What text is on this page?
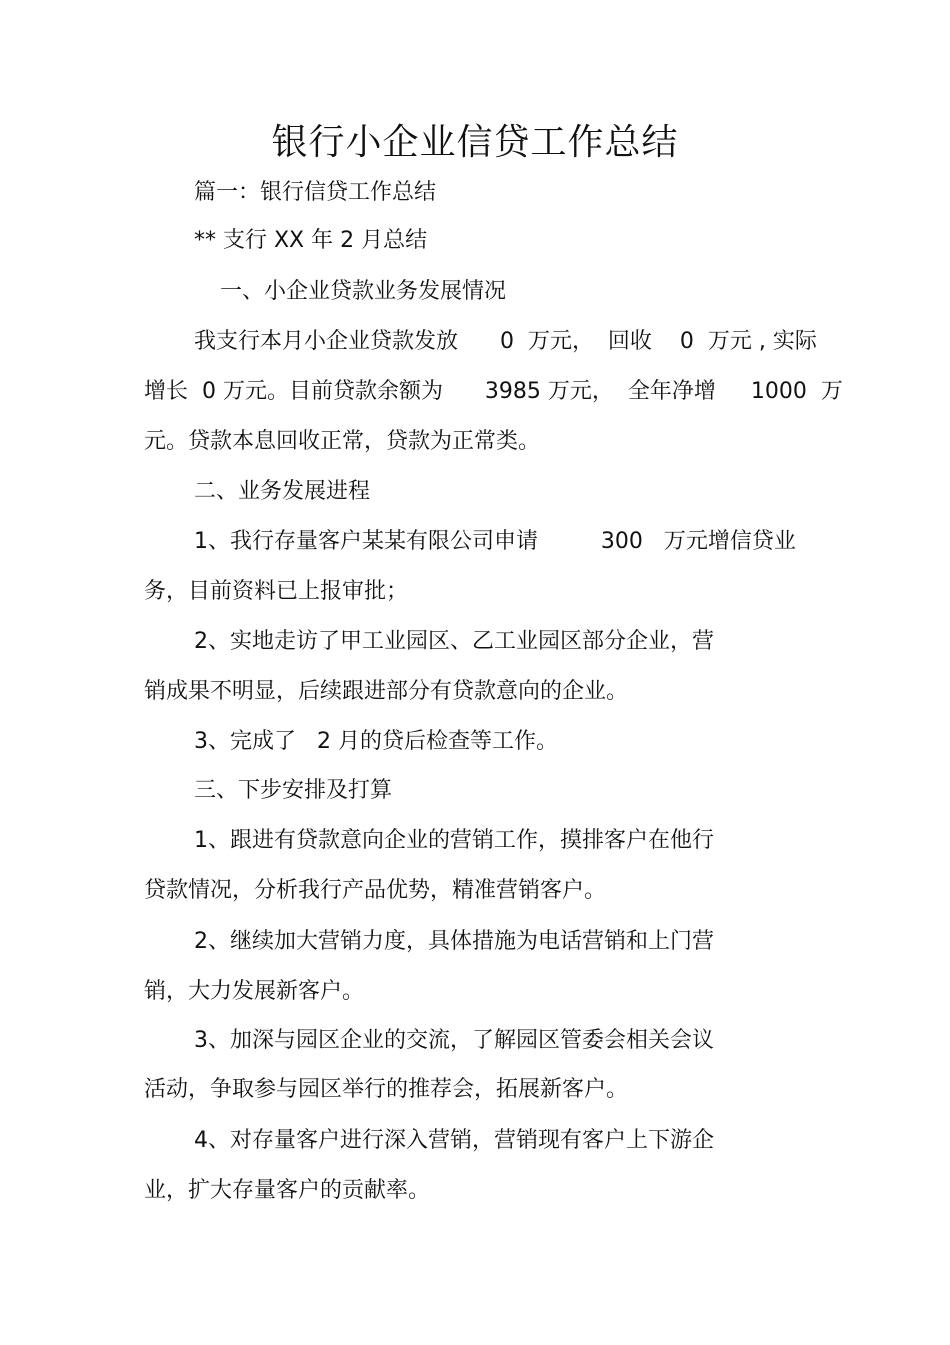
银行小企业信贷工作总结
篇一：银行信贷工作总结
** 支行 XX 年 2 月总结
一、小企业贷款业务发展情况
我支行本月小企业贷款发放      0  万元，  回收    0  万元 , 实际
增长  0 万元。目前贷款余额为      3985 万元，  全年净增     1000  万
元。贷款本息回收正常，贷款为正常类。
二、业务发展进程
1、我行存量客户某某有限公司申请         300   万元增信贷业
务，目前资料已上报审批；
2、实地走访了甲工业园区、乙工业园区部分企业，营
销成果不明显，后续跟进部分有贷款意向的企业。
3、完成了   2 月的贷后检查等工作。
三、下步安排及打算
1、跟进有贷款意向企业的营销工作，摸排客户在他行
贷款情况，分析我行产品优势，精准营销客户。
2、继续加大营销力度，具体措施为电话营销和上门营
销，大力发展新客户。
3、加深与园区企业的交流，了解园区管委会相关会议
活动，争取参与园区举行的推荐会，拓展新客户。
4、对存量客户进行深入营销，营销现有客户上下游企
业，扩大存量客户的贡献率。
